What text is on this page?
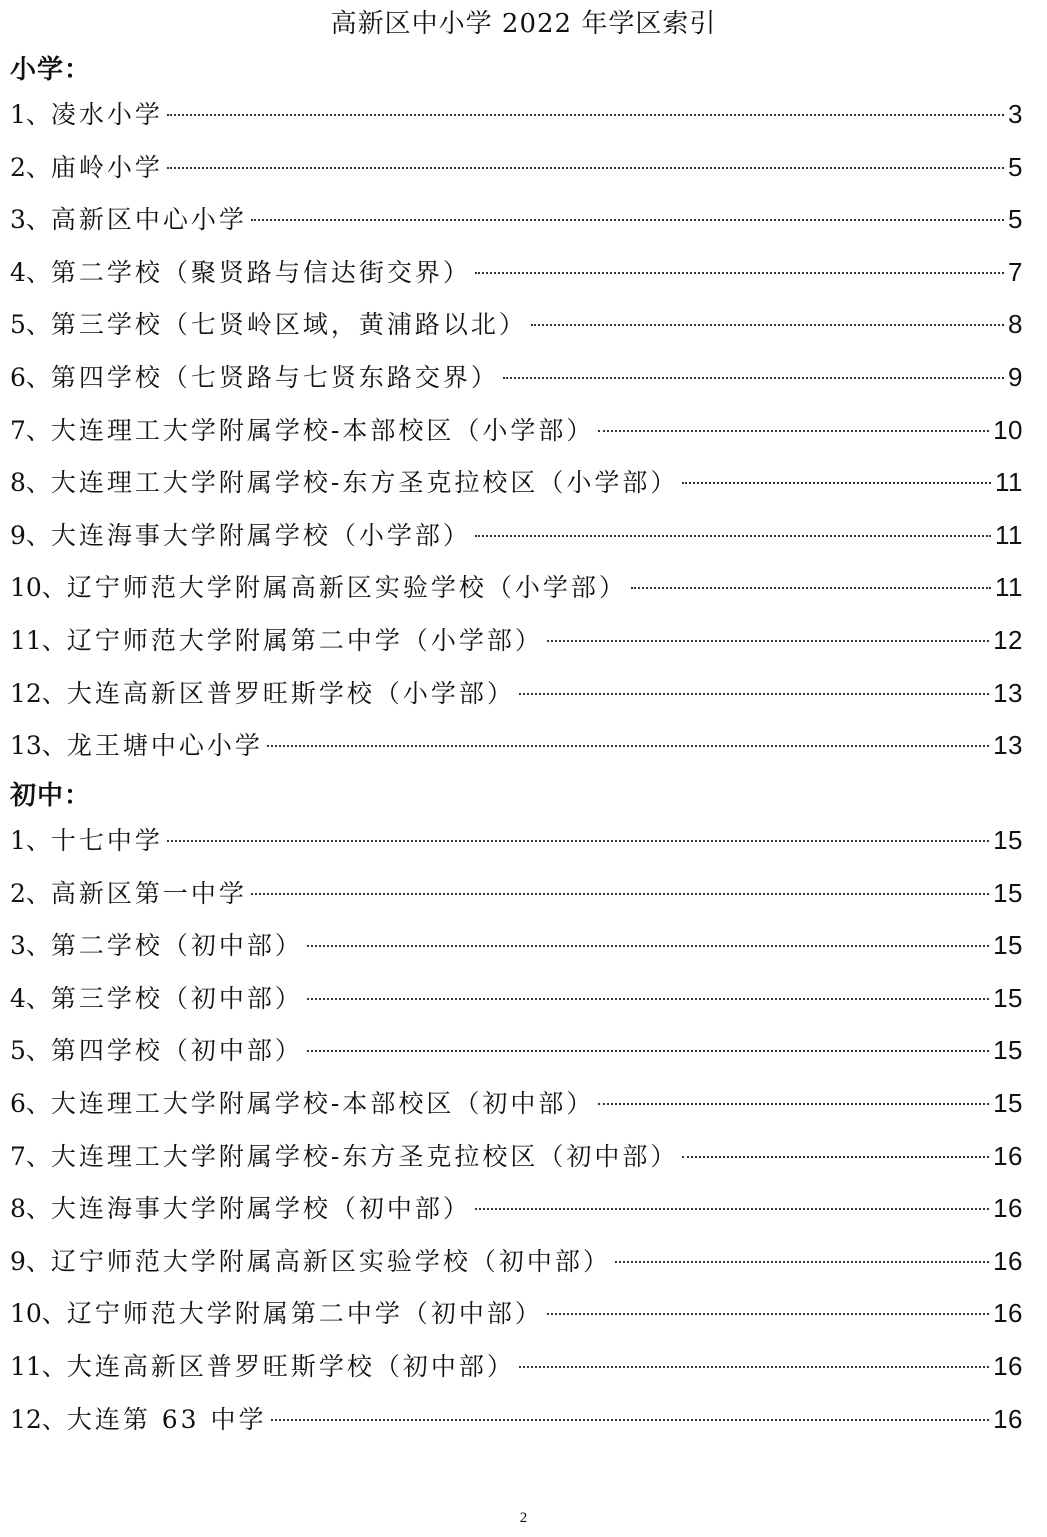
高新区中小学 2022 年学区索引
小学：
1、 凌水小学	3
2、 庙岭小学	5
3、 高新区中心小学	5
4、 第二学校（聚贤路与信达街交界）	7
5、 第三学校（七贤岭区域，黄浦路以北）	8
6、 第四学校（七贤路与七贤东路交界）	9
7、 大连理工大学附属学校-本部校区（小学部）	10
8、 大连理工大学附属学校-东方圣克拉校区（小学部）	11
9、 大连海事大学附属学校（小学部）	11
10、 辽宁师范大学附属高新区实验学校（小学部）	11
11、 辽宁师范大学附属第二中学（小学部）	12
12、 大连高新区普罗旺斯学校（小学部）	13
13、 龙王塘中心小学	13
初中：
1、 十七中学	15
2、 高新区第一中学	15
3、 第二学校（初中部）	15
4、 第三学校（初中部）	15
5、 第四学校（初中部）	15
6、 大连理工大学附属学校-本部校区（初中部）	15
7、 大连理工大学附属学校-东方圣克拉校区（初中部）	16
8、 大连海事大学附属学校（初中部）	16
9、 辽宁师范大学附属高新区实验学校（初中部）	16
10、 辽宁师范大学附属第二中学（初中部）	16
11、 大连高新区普罗旺斯学校（初中部）	16
12、 大连第 63 中学	16
2
